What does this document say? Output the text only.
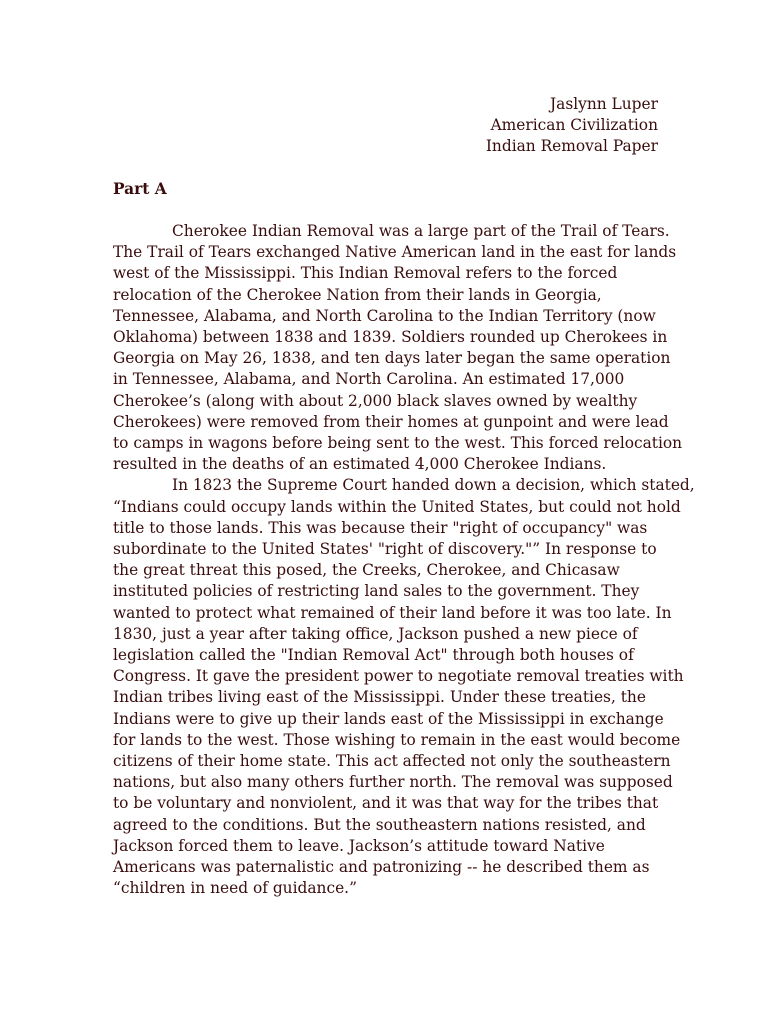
Jaslynn Luper
American Civilization
Indian Removal Paper
Part A
Cherokee Indian Removal was a large part of the Trail of Tears.
The Trail of Tears exchanged Native American land in the east for lands
west of the Mississippi. This Indian Removal refers to the forced
relocation of the Cherokee Nation from their lands in Georgia,
Tennessee, Alabama, and North Carolina to the Indian Territory (now
Oklahoma) between 1838 and 1839. Soldiers rounded up Cherokees in
Georgia on May 26, 1838, and ten days later began the same operation
in Tennessee, Alabama, and North Carolina. An estimated 17,000
Cherokee’s (along with about 2,000 black slaves owned by wealthy
Cherokees) were removed from their homes at gunpoint and were lead
to camps in wagons before being sent to the west. This forced relocation
resulted in the deaths of an estimated 4,000 Cherokee Indians.
In 1823 the Supreme Court handed down a decision, which stated,
“Indians could occupy lands within the United States, but could not hold
title to those lands. This was because their "right of occupancy" was
subordinate to the United States' "right of discovery."” In response to
the great threat this posed, the Creeks, Cherokee, and Chicasaw
instituted policies of restricting land sales to the government. They
wanted to protect what remained of their land before it was too late. In
1830, just a year after taking office, Jackson pushed a new piece of
legislation called the "Indian Removal Act" through both houses of
Congress. It gave the president power to negotiate removal treaties with
Indian tribes living east of the Mississippi. Under these treaties, the
Indians were to give up their lands east of the Mississippi in exchange
for lands to the west. Those wishing to remain in the east would become
citizens of their home state. This act affected not only the southeastern
nations, but also many others further north. The removal was supposed
to be voluntary and nonviolent, and it was that way for the tribes that
agreed to the conditions. But the southeastern nations resisted, and
Jackson forced them to leave. Jackson’s attitude toward Native
Americans was paternalistic and patronizing -- he described them as
“children in need of guidance.”
